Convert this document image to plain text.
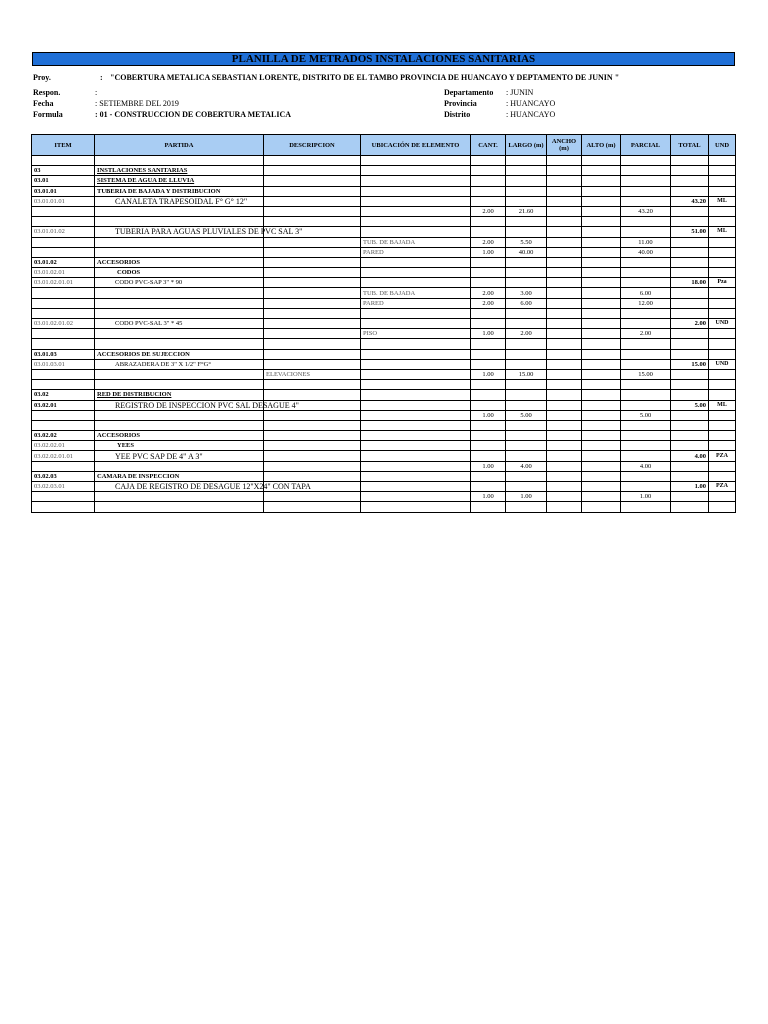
PLANILLA DE METRADOS INSTALACIONES SANITARIAS
Proy.	: "COBERTURA METALICA SEBASTIAN LORENTE, DISTRITO DE EL TAMBO PROVINCIA DE HUANCAYO Y DEPTAMENTO DE JUNIN "
Respon.	:
Fecha	: SETIEMBRE DEL 2019
Formula	: 01 - CONSTRUCCION DE COBERTURA METALICA
Departamento : JUNIN
Provincia	: HUANCAYO
Distrito	: HUANCAYO
ITEM	PARTIDA	DESCRIPCION	UBICACIÓN DE ELEMENTO	CANT.	LARGO (m)	ANCHO (m)	ALTO (m)	PARCIAL	TOTAL	UND

03	INSTLACIONES SANITARIAS									
03.01	SISTEMA DE AGUA DE LLUVIA									
03.01.01	TUBERIA DE BAJADA Y DISTRIBUCION									
03.01.01.01	CANALETA TRAPESOIDAL F° G° 12"								43.20	ML
				2.00	21.60			43.20		

03.01.01.02	TUBERIA PARA AGUAS PLUVIALES DE PVC SAL 3"								51.00	ML
			TUB. DE BAJADA	2.00	5.50			11.00		
			PARED	1.00	40.00			40.00		
03.01.02	ACCESORIOS									
03.01.02.01	CODOS									
03.01.02.01.01	CODO PVC-SAP 3" * 90								18.00	Pza
			TUB. DE BAJADA	2.00	3.00			6.00		
			PARED	2.00	6.00			12.00		

03.01.02.01.02	CODO PVC-SAL 3" * 45								2.00	UND
			PISO	1.00	2.00			2.00		

03.01.03	ACCESORIOS DE SUJECCION									
03.01.03.01	ABRAZADERA DE 3" X 1/2" F°G°								15.00	UND
		ELEVACIONES		1.00	15.00			15.00		

03.02	RED DE DISTRIBUCION									
03.02.01	REGISTRO DE INSPECCION PVC SAL DESAGUE 4"								5.00	ML
				1.00	5.00			5.00		

03.02.02	ACCESORIOS									
03.02.02.01	YEES									
03.02.02.01.01	YEE PVC SAP DE 4" A 3"								4.00	PZA
				1.00	4.00			4.00		
03.02.03	CAMARA DE INSPECCION									
03.02.03.01	CAJA DE REGISTRO DE DESAGUE 12"X24" CON TAPA								1.00	PZA
				1.00	1.00			1.00		
